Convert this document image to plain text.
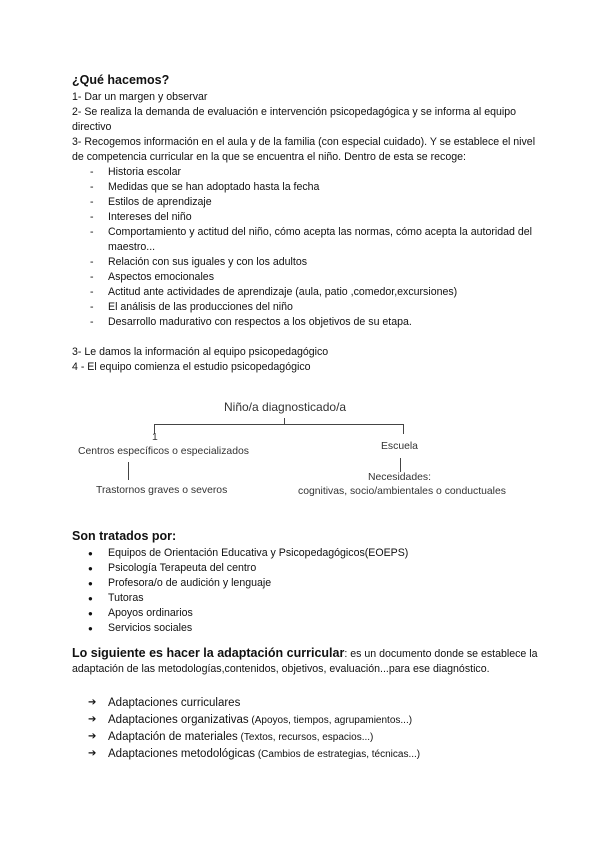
¿Qué hacemos?

1- Dar un margen y observar

2- Se realiza la demanda de evaluación e intervención psicopedagógica y se informa al equipo directivo

3- Recogemos información en el aula y de la familia (con especial cuidado). Y se establece el nivel de competencia curricular en la que se encuentra el niño. Dentro de esta se recoge:

- Historia escolar
- Medidas que se han adoptado hasta la fecha
- Estilos de aprendizaje
- Intereses del niño
- Comportamiento y actitud del niño, cómo acepta las normas, cómo acepta la autoridad del maestro...
- Relación con sus iguales y con los adultos
- Aspectos emocionales
- Actitud ante actividades de aprendizaje (aula, patio ,comedor,excursiones)
- El análisis de las producciones del niño
- Desarrollo madurativo con respectos a los objetivos de su etapa.

3- Le damos la información al equipo psicopedagógico

4 - El equipo comienza el estudio psicopedagógico

Niño/a diagnosticado/a
1
Centros específicos o especializados	Escuela
Trastornos graves o severos
Necesidades:
cognitivas, socio/ambientales o conductuales
Son tratados por:
● Equipos de Orientación Educativa y Psicopedagógicos(EOEPS)
● Psicología Terapeuta del centro
● Profesora/o de audición y lenguaje
● Tutoras
● Apoyos ordinarios
● Servicios sociales

Lo siguiente es hacer la adaptación curricular: es un documento donde se establece la adaptación de las metodologías,contenidos, objetivos, evaluación...para ese diagnóstico.

➔ Adaptaciones curriculares
➔ Adaptaciones organizativas (Apoyos, tiempos, agrupamientos...)
➔ Adaptación de materiales (Textos, recursos, espacios...)
➔ Adaptaciones metodológicas (Cambios de estrategias, técnicas...)
